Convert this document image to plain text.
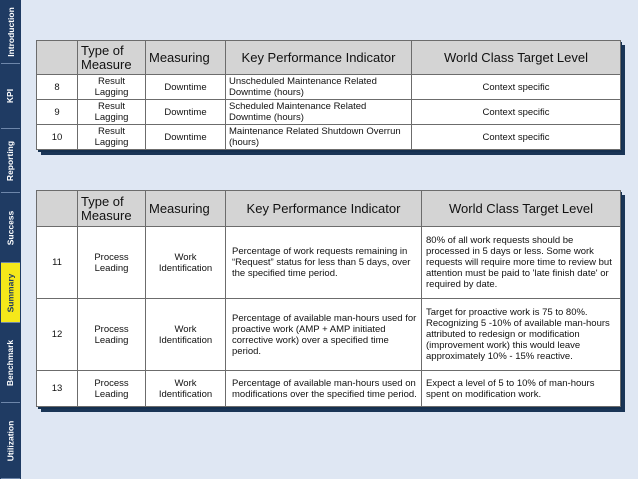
Introduction
KPI
Reporting
Success
Summary
Benchmark
Utilization
	Type of Measure	Measuring	Key Performance Indicator	World Class Target Level
8	Result Lagging	Downtime	Unscheduled Maintenance Related Downtime (hours)	Context specific
9	Result Lagging	Downtime	Scheduled Maintenance Related Downtime (hours)	Context specific
10	Result Lagging	Downtime	Maintenance Related Shutdown Overrun (hours)	Context specific
	Type of Measure	Measuring	Key Performance Indicator	World Class Target Level
11	Process Leading	Work Identification	Percentage of work requests remaining in “Request” status for less than 5 days, over the specified time period.	80% of all work requests should be processed in 5 days or less. Some work requests will require more time to review but attention must be paid to 'late finish date' or required by date.
12	Process Leading	Work Identification	Percentage of available man-hours used for proactive work (AMP + AMP initiated corrective work) over a specified time period.	Target for proactive work is 75 to 80%. Recognizing 5 -10% of available man-hours attributed to redesign or modification (improvement work) this would leave approximately 10% - 15% reactive.
13	Process Leading	Work Identification	Percentage of available man-hours used on modifications over the specified time period.	Expect a level of 5 to 10% of man-hours spent on modification work.
